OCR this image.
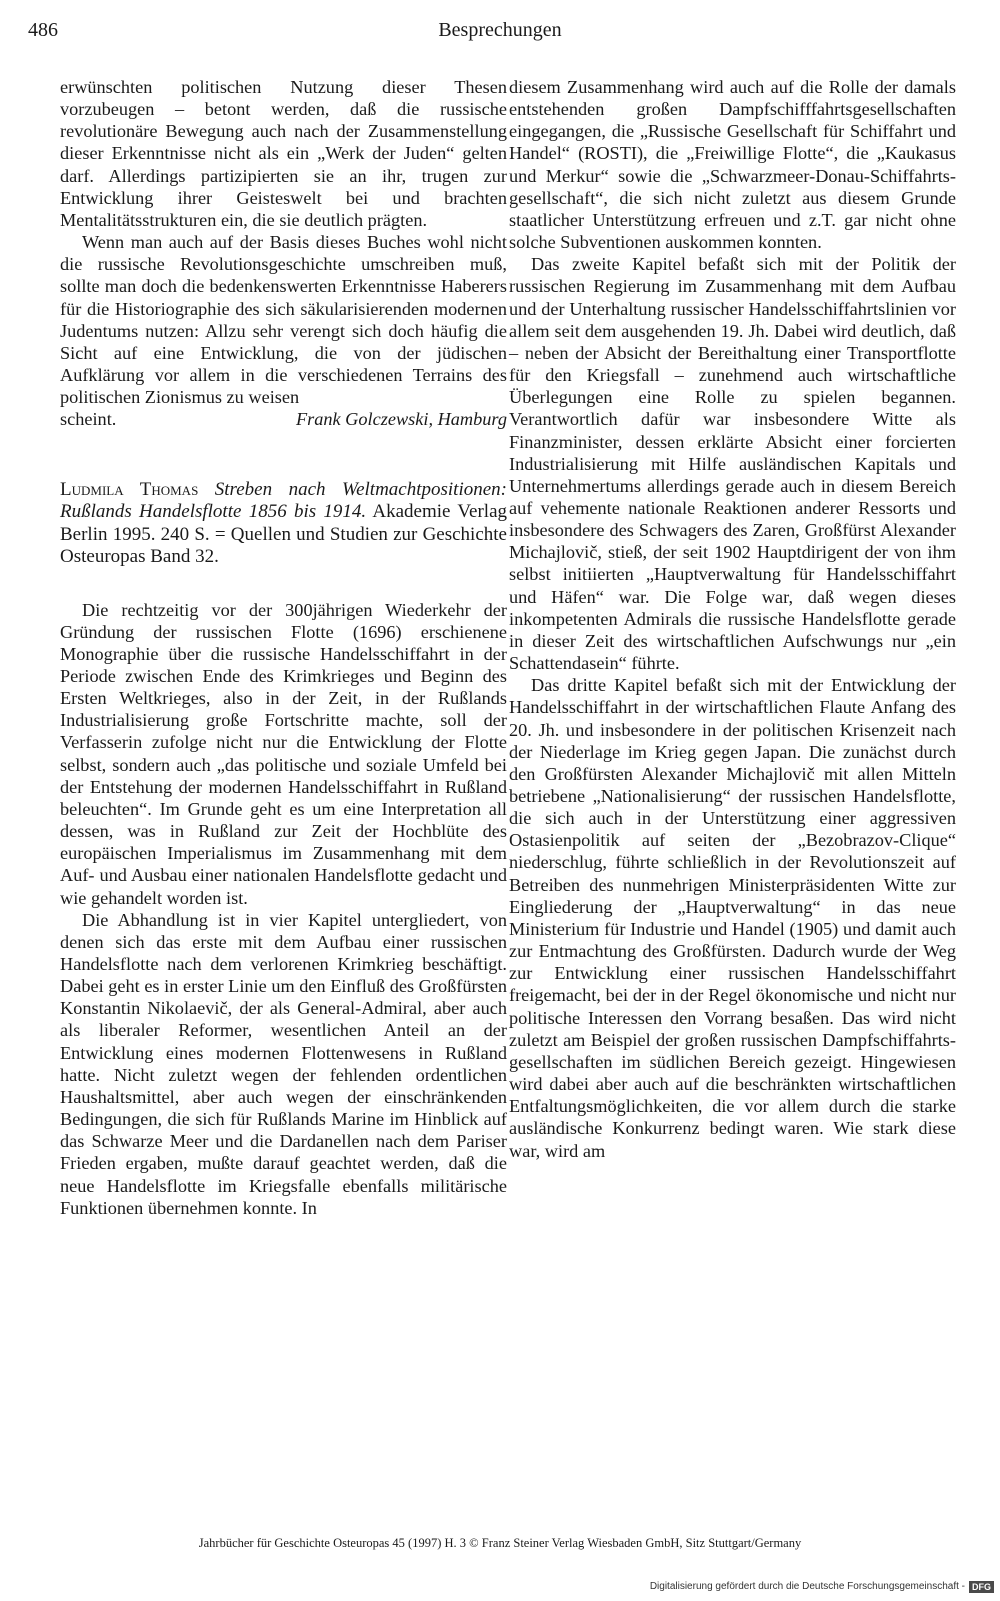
486	Besprechungen

erwünschten politischen Nutzung dieser Thesen vorzubeugen – betont werden, daß die russische revolutionäre Bewegung auch nach der Zusammenstellung dieser Erkenntnisse nicht als ein „Werk der Juden“ gelten darf. Allerdings partizipierten sie an ihr, trugen zur Entwicklung ihrer Geisteswelt bei und brachten Mentalitätsstrukturen ein, die sie deutlich prägten.

Wenn man auch auf der Basis dieses Buches wohl nicht die russische Revolutionsgeschichte umschreiben muß, sollte man doch die bedenkenswerten Erkenntnisse Haberers für die Historiographie des sich säkularisierenden modernen Judentums nutzen: Allzu sehr verengt sich doch häufig die Sicht auf eine Entwicklung, die von der jüdischen Aufklärung vor allem in die verschiedenen Terrains des politischen Zionismus zu weisen

scheint.	Frank Golczewski, Hamburg

Ludmila Thomas Streben nach Weltmachtpositionen: Rußlands Handelsflotte 1856 bis 1914. Akademie Verlag Berlin 1995. 240 S. = Quellen und Studien zur Geschichte Osteuropas Band 32.

Die rechtzeitig vor der 300jährigen Wiederkehr der Gründung der russischen Flotte (1696) erschienene Monographie über die russische Handelsschiffahrt in der Periode zwischen Ende des Krimkrieges und Beginn des Ersten Weltkrieges, also in der Zeit, in der Rußlands Industrialisierung große Fortschritte machte, soll der Verfasserin zufolge nicht nur die Entwicklung der Flotte selbst, sondern auch „das politische und soziale Umfeld bei der Entstehung der modernen Handelsschiffahrt in Rußland beleuchten“. Im Grunde geht es um eine Interpretation all dessen, was in Rußland zur Zeit der Hochblüte des europäischen Imperialismus im Zusammenhang mit dem Auf- und Ausbau einer nationalen Handelsflotte gedacht und wie gehandelt worden ist.

Die Abhandlung ist in vier Kapitel untergliedert, von denen sich das erste mit dem Aufbau einer russischen Handelsflotte nach dem verlorenen Krimkrieg beschäftigt. Dabei geht es in erster Linie um den Einfluß des Großfürsten Konstantin Nikolaevič, der als General-Admiral, aber auch als liberaler Reformer, wesentlichen Anteil an der Entwicklung eines modernen Flottenwesens in Rußland hatte. Nicht zuletzt wegen der fehlenden ordentlichen Haushaltsmittel, aber auch wegen der einschränkenden Bedingungen, die sich für Rußlands Marine im Hinblick auf das Schwarze Meer und die Dardanellen nach dem Pariser Frieden ergaben, mußte darauf geachtet werden, daß die neue Handelsflotte im Kriegsfalle ebenfalls militärische Funktionen übernehmen konnte. In

diesem Zusammenhang wird auch auf die Rolle der damals entstehenden großen Dampfschifffahrtsgesellschaften eingegangen, die „Russische Gesellschaft für Schiffahrt und Handel“ (ROSTI), die „Freiwillige Flotte“, die „Kaukasus und Merkur“ sowie die „Schwarzmeer-Donau-Schiffahrtsgesellschaft“, die sich nicht zuletzt aus diesem Grunde staatlicher Unterstützung erfreuen und z.T. gar nicht ohne solche Subventionen auskommen konnten.

Das zweite Kapitel befaßt sich mit der Politik der russischen Regierung im Zusammenhang mit dem Aufbau und der Unterhaltung russischer Handelsschiffahrtslinien vor allem seit dem ausgehenden 19. Jh. Dabei wird deutlich, daß – neben der Absicht der Bereithaltung einer Transportflotte für den Kriegsfall – zunehmend auch wirtschaftliche Überlegungen eine Rolle zu spielen begannen. Verantwortlich dafür war insbesondere Witte als Finanzminister, dessen erklärte Absicht einer forcierten Industrialisierung mit Hilfe ausländischen Kapitals und Unternehmertums allerdings gerade auch in diesem Bereich auf vehemente nationale Reaktionen anderer Ressorts und insbesondere des Schwagers des Zaren, Großfürst Alexander Michajlovič, stieß, der seit 1902 Hauptdirigent der von ihm selbst initiierten „Hauptverwaltung für Handelsschiffahrt und Häfen“ war. Die Folge war, daß wegen dieses inkompetenten Admirals die russische Handelsflotte gerade in dieser Zeit des wirtschaftlichen Aufschwungs nur „ein Schattendasein“ führte.

Das dritte Kapitel befaßt sich mit der Entwicklung der Handelsschiffahrt in der wirtschaftlichen Flaute Anfang des 20. Jh. und insbesondere in der politischen Krisenzeit nach der Niederlage im Krieg gegen Japan. Die zunächst durch den Großfürsten Alexander Michajlovič mit allen Mitteln betriebene „Nationalisierung“ der russischen Handelsflotte, die sich auch in der Unterstützung einer aggressiven Ostasienpolitik auf seiten der „Bezobrazov-Clique“ niederschlug, führte schließlich in der Revolutionszeit auf Betreiben des nunmehrigen Ministerpräsidenten Witte zur Eingliederung der „Hauptverwaltung“ in das neue Ministerium für Industrie und Handel (1905) und damit auch zur Entmachtung des Großfürsten. Dadurch wurde der Weg zur Entwicklung einer russischen Handelsschiffahrt freigemacht, bei der in der Regel ökonomische und nicht nur politische Interessen den Vorrang besaßen. Das wird nicht zuletzt am Beispiel der großen russischen Dampfschiffahrtsgesellschaften im südlichen Bereich gezeigt. Hingewiesen wird dabei aber auch auf die beschränkten wirtschaftlichen Entfaltungsmöglichkeiten, die vor allem durch die starke ausländische Konkurrenz bedingt waren. Wie stark diese war, wird am

Jahrbücher für Geschichte Osteuropas 45 (1997) H. 3 © Franz Steiner Verlag Wiesbaden GmbH, Sitz Stuttgart/Germany
Digitalisierung gefördert durch die Deutsche Forschungsgemeinschaft - DFG
